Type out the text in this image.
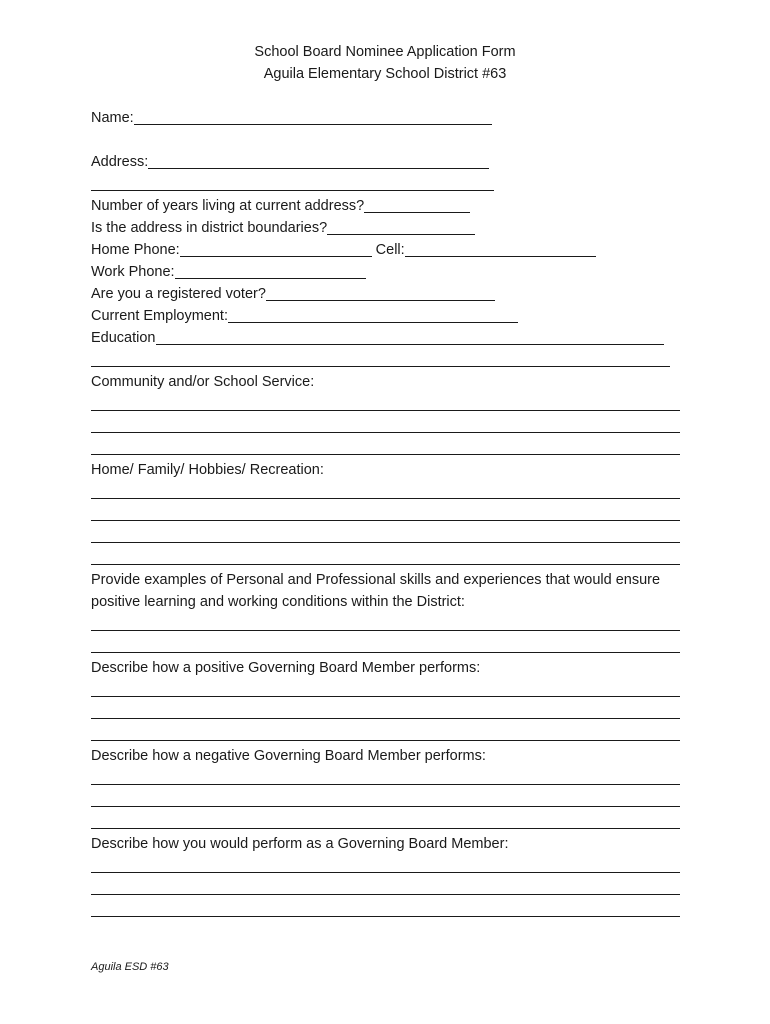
School Board Nominee Application Form
Aguila Elementary School District #63
Name:
Address:
Number of years living at current address?
Is the address in district boundaries?
Home Phone:	Cell:
Work Phone:
Are you a registered voter?
Current Employment:
Education
Community and/or School Service:
Home/ Family/ Hobbies/ Recreation:
Provide examples of Personal and Professional skills and experiences that would ensure positive learning and working conditions within the District:
Describe how a positive Governing Board Member performs:
Describe how a negative Governing Board Member performs:
Describe how you would perform as a Governing Board Member:
Aguila ESD #63
